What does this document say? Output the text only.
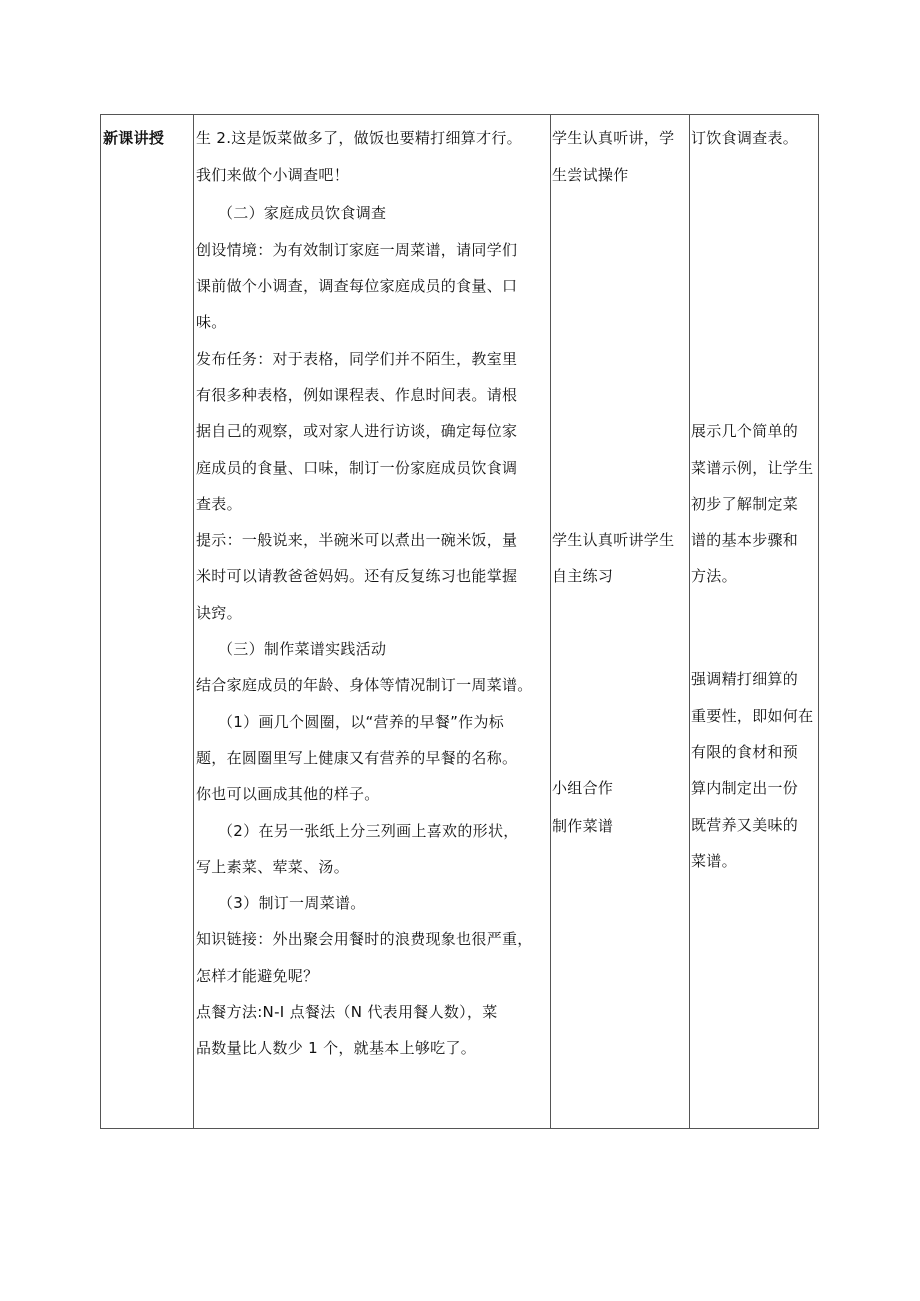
新课讲授 生 2.这是饭菜做多了，做饭也要精打细算才行。
我们来做个小调查吧！
（二）家庭成员饮食调查
创设情境：为有效制订家庭一周菜谱，请同学们
课前做个小调查，调查每位家庭成员的食量、口
味。
发布任务：对于表格，同学们并不陌生，教室里
有很多种表格，例如课程表、作息时间表。请根
据自己的观察，或对家人进行访谈，确定每位家
庭成员的食量、口味，制订一份家庭成员饮食调
查表。
提示：一般说来，半碗米可以煮出一碗米饭，量
米时可以请教爸爸妈妈。还有反复练习也能掌握
诀窍。
（三）制作菜谱实践活动
结合家庭成员的年龄、身体等情况制订一周菜谱。
（1）画几个圆圈，以“营养的早餐”作为标
题，在圆圈里写上健康又有营养的早餐的名称。
你也可以画成其他的样子。
（2）在另一张纸上分三列画上喜欢的形状，
写上素菜、荤菜、汤。
（3）制订一周菜谱。
知识链接：外出聚会用餐时的浪费现象也很严重，
怎样才能避免呢？
点餐方法:N-I 点餐法（N 代表用餐人数），菜
品数量比人数少 1 个，就基本上够吃了。
学生认真听讲，学
生尝试操作
学生认真听讲学生
自主练习
小组合作
制作菜谱
订饮食调查表。
展示几个简单的
菜谱示例，让学生
初步了解制定菜
谱的基本步骤和
方法。
强调精打细算的
重要性，即如何在
有限的食材和预
算内制定出一份
既营养又美味的
菜谱。
